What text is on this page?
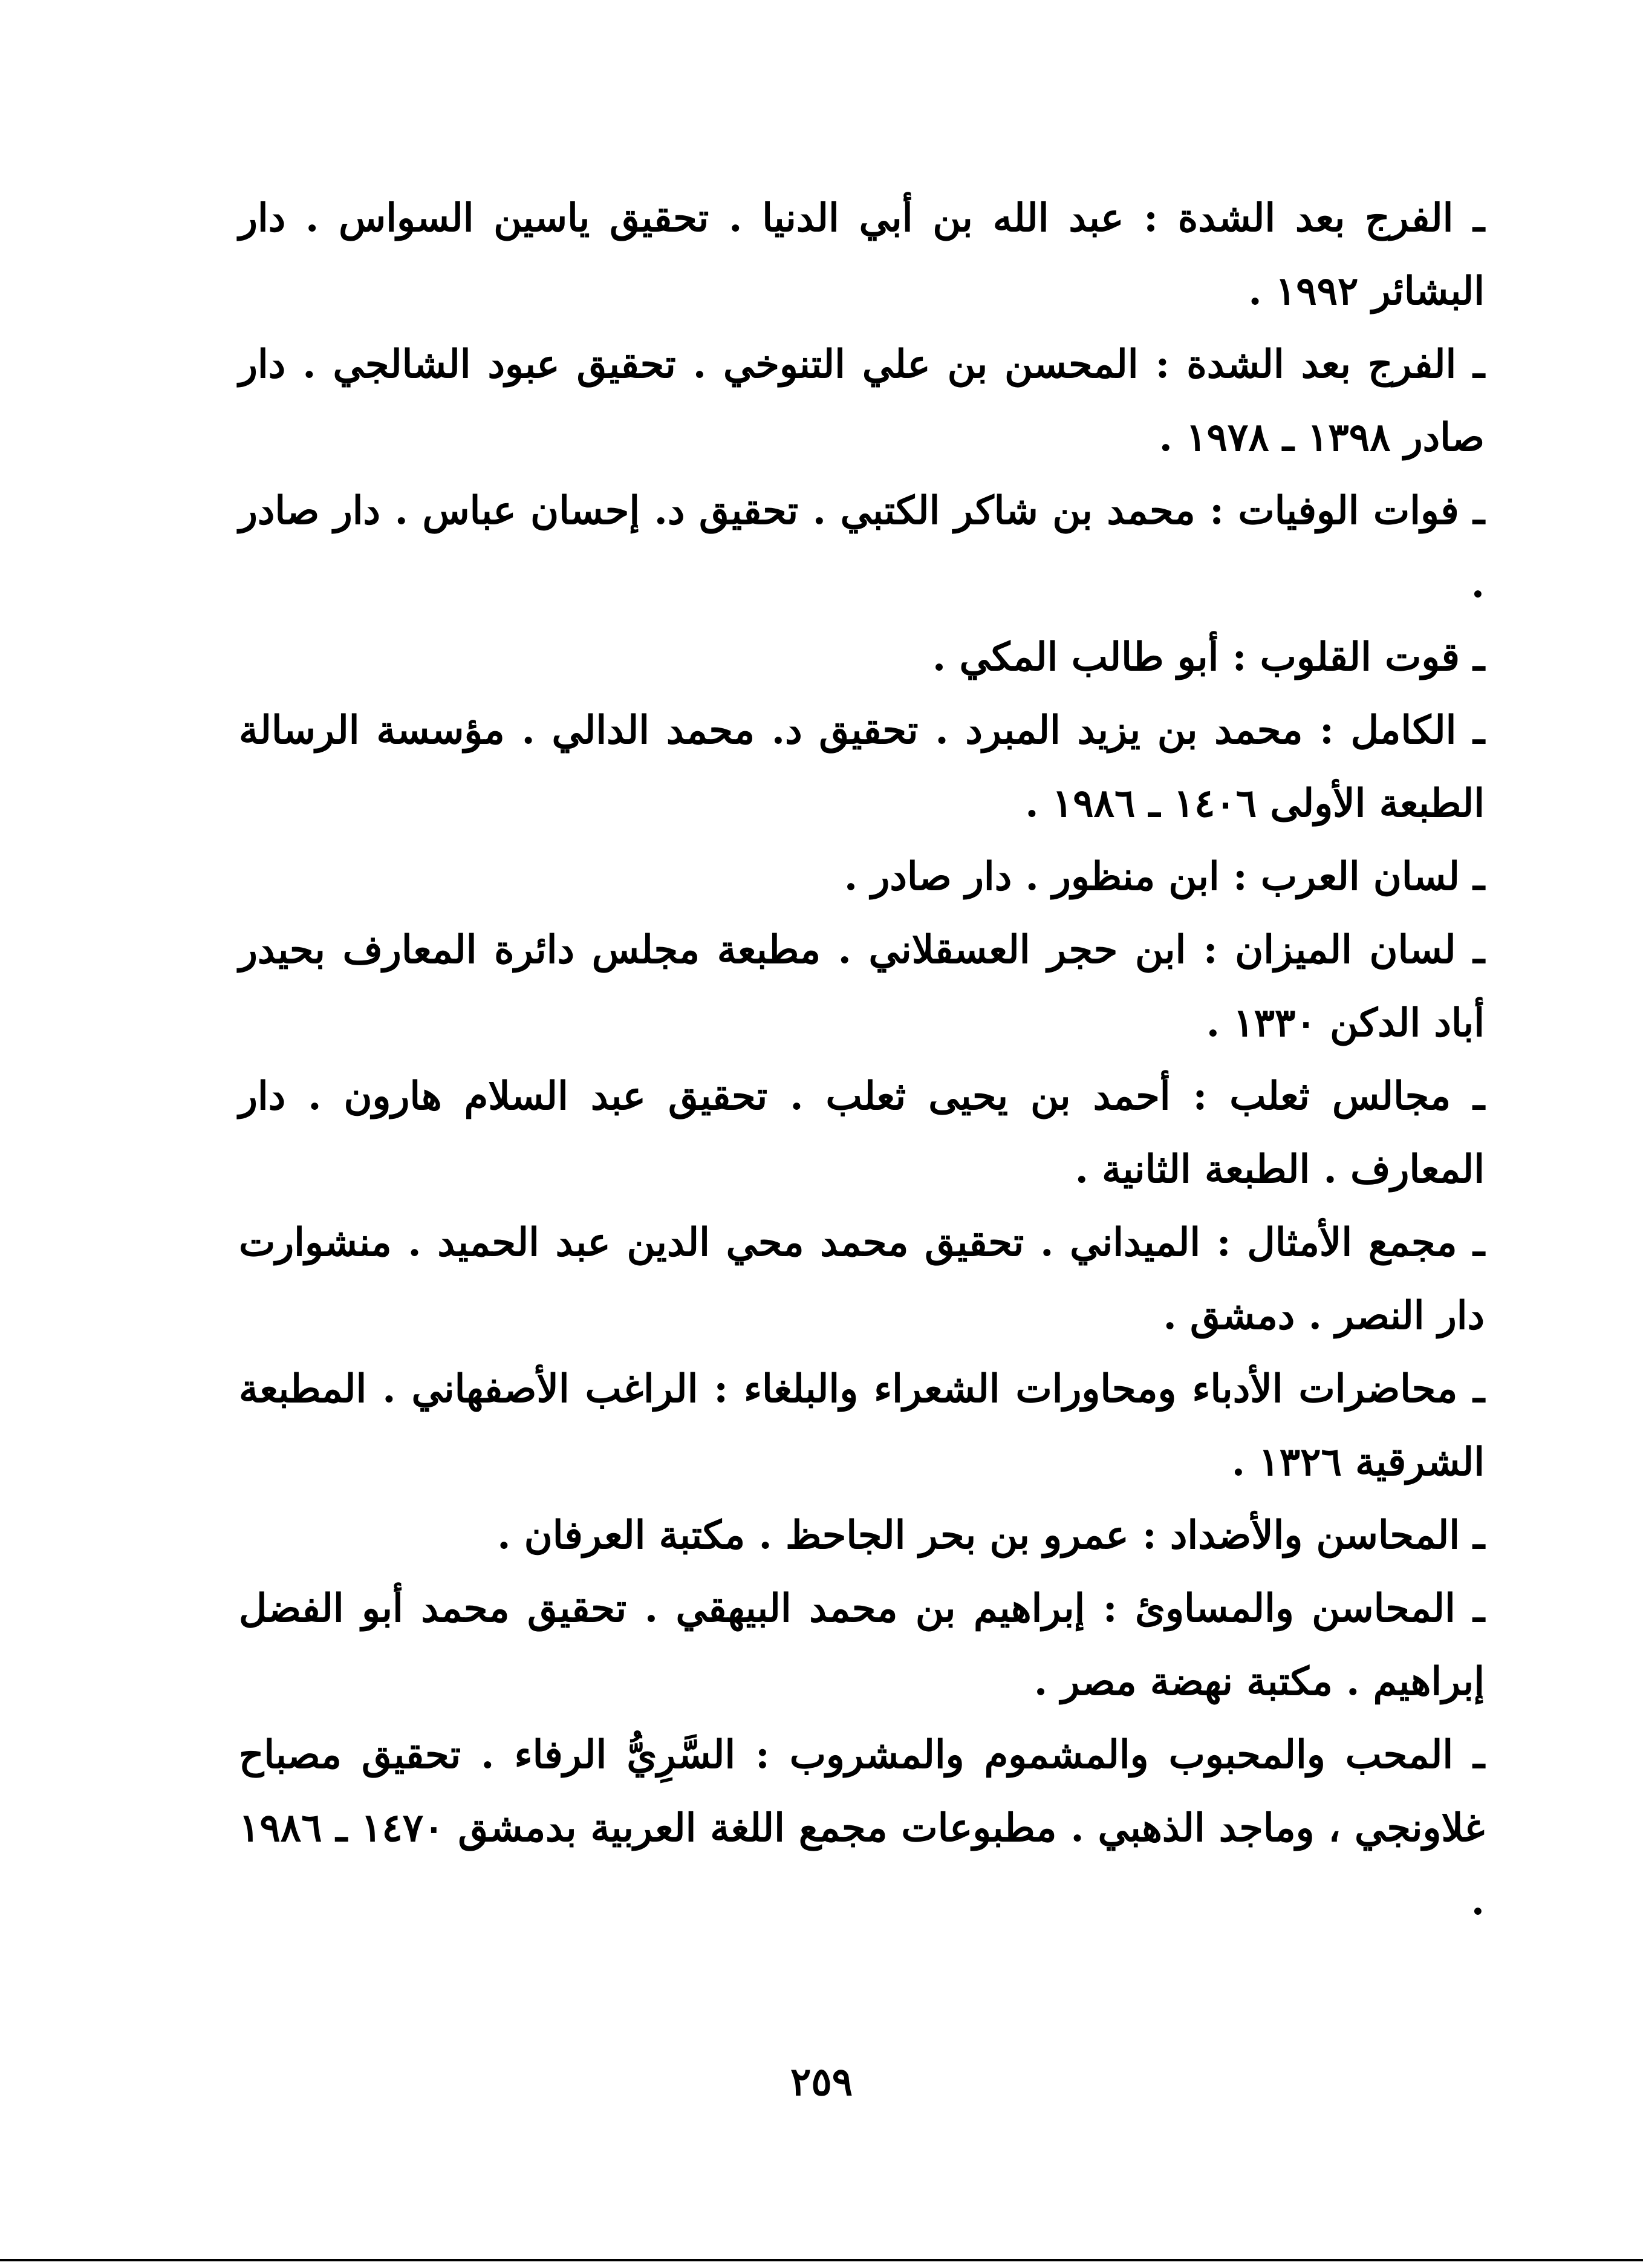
ـ الفرج بعد الشدة : عبد الله بن أبي الدنيا . تحقيق ياسين السواس . دار البشائر ١٩٩٢ .
ـ الفرج بعد الشدة : المحسن بن علي التنوخي . تحقيق عبود الشالجي . دار صادر ١٣٩٨ ـ ١٩٧٨ .
ـ فوات الوفيات : محمد بن شاكر الكتبي . تحقيق د. إحسان عباس . دار صادر .
ـ قوت القلوب : أبو طالب المكي .
ـ الكامل : محمد بن يزيد المبرد . تحقيق د. محمد الدالي . مؤسسة الرسالة الطبعة الأولى ١٤٠٦ ـ ١٩٨٦ .
ـ لسان العرب : ابن منظور . دار صادر .
ـ لسان الميزان : ابن حجر العسقلاني . مطبعة مجلس دائرة المعارف بحيدر أباد الدكن ١٣٣٠ .
ـ مجالس ثعلب : أحمد بن يحيى ثعلب . تحقيق عبد السلام هارون . دار المعارف . الطبعة الثانية .
ـ مجمع الأمثال : الميداني . تحقيق محمد محي الدين عبد الحميد . منشوارت دار النصر . دمشق .
ـ محاضرات الأدباء ومحاورات الشعراء والبلغاء : الراغب الأصفهاني . المطبعة الشرقية ١٣٢٦ .
ـ المحاسن والأضداد : عمرو بن بحر الجاحظ . مكتبة العرفان .
ـ المحاسن والمساوئ : إبراهيم بن محمد البيهقي . تحقيق محمد أبو الفضل إبراهيم . مكتبة نهضة مصر .
ـ المحب والمحبوب والمشموم والمشروب : السَّرِيُّ الرفاء . تحقيق مصباح غلاونجي ، وماجد الذهبي . مطبوعات مجمع اللغة العربية بدمشق ١٤٧٠ ـ ١٩٨٦ .
٢٥٩
